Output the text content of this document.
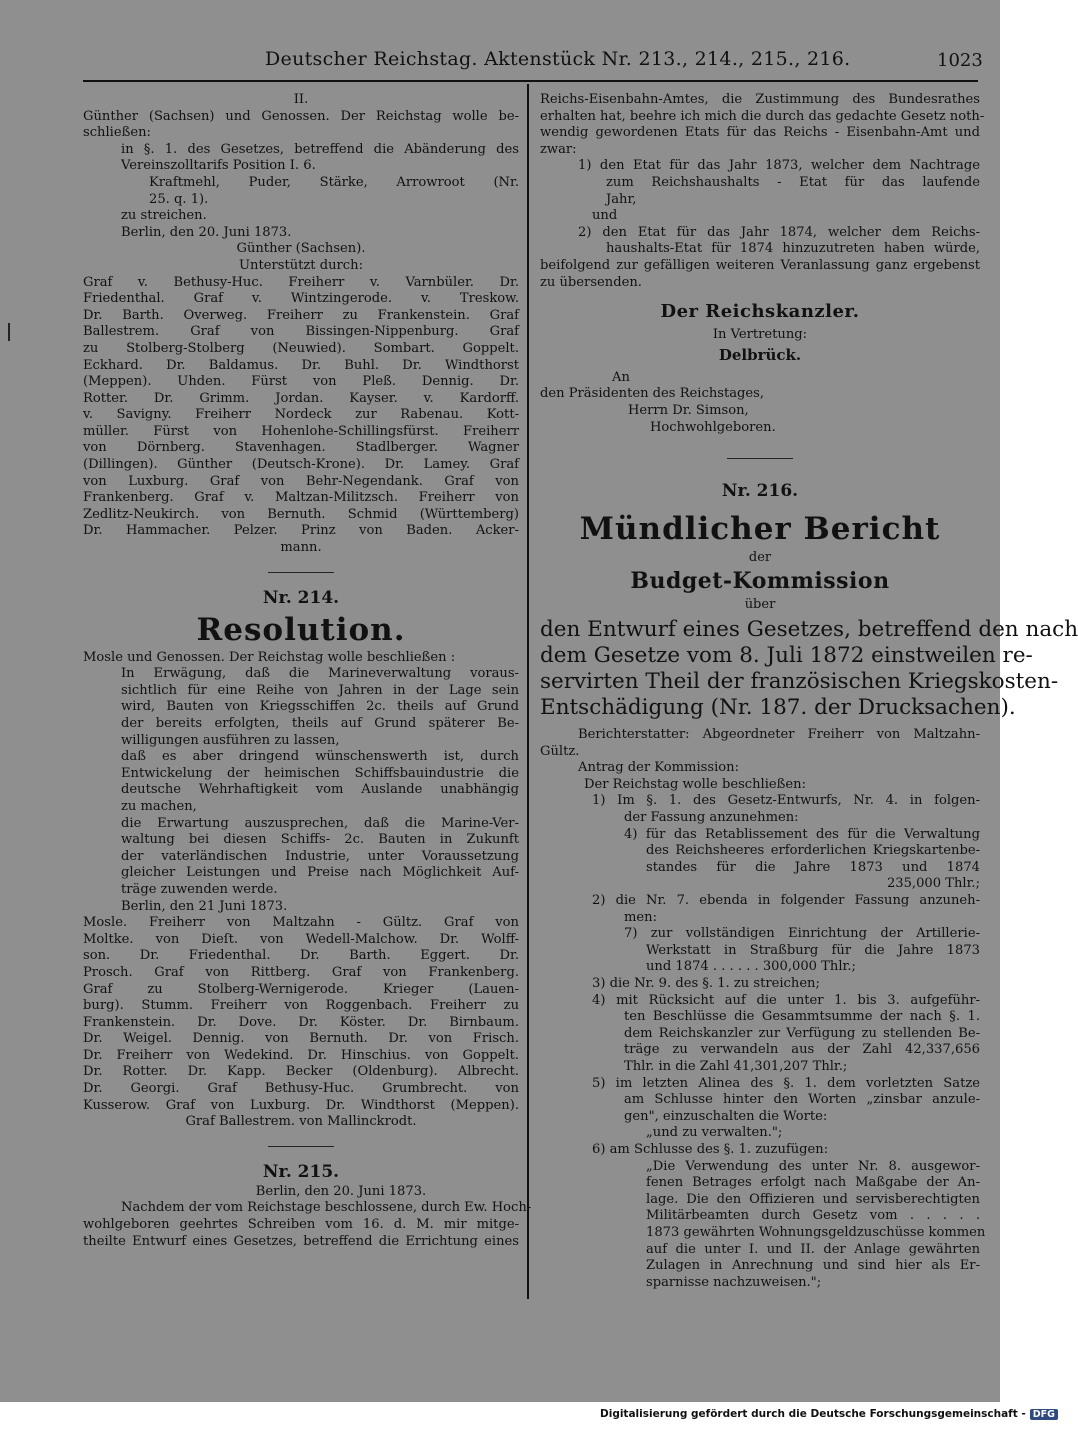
Deutscher Reichstag. Aktenstück Nr. 213., 214., 215., 216.	1023
II.
Günther (Sachsen) und Genossen. Der Reichstag wolle be-
schließen:
in §. 1. des Gesetzes, betreffend die Abänderung des
Vereinszolltarifs Position I. 6.
Kraftmehl, Puder, Stärke, Arrowroot (Nr.
25. q. 1).
zu streichen.
Berlin, den 20. Juni 1873.
Günther (Sachsen).
Unterstützt durch:
Graf v. Bethusy-Huc. Freiherr v. Varnbüler. Dr.
Friedenthal. Graf v. Wintzingerode. v. Treskow.
Dr. Barth. Overweg. Freiherr zu Frankenstein. Graf
Ballestrem. Graf von Bissingen-Nippenburg. Graf
zu Stolberg-Stolberg (Neuwied). Sombart. Goppelt.
Eckhard. Dr. Baldamus. Dr. Buhl. Dr. Windthorst
(Meppen). Uhden. Fürst von Pleß. Dennig. Dr.
Rotter. Dr. Grimm. Jordan. Kayser. v. Kardorff.
v. Savigny. Freiherr Nordeck zur Rabenau. Kott-
müller. Fürst von Hohenlohe-Schillingsfürst. Freiherr
von Dörnberg. Stavenhagen. Stadlberger. Wagner
(Dillingen). Günther (Deutsch-Krone). Dr. Lamey. Graf
von Luxburg. Graf von Behr-Negendank. Graf von
Frankenberg. Graf v. Maltzan-Militzsch. Freiherr von
Zedlitz-Neukirch. von Bernuth. Schmid (Württemberg)
Dr. Hammacher. Pelzer. Prinz von Baden. Acker-
mann.
Nr. 214.
Resolution.
Mosle und Genossen. Der Reichstag wolle beschließen :
In Erwägung, daß die Marineverwaltung voraus-
sichtlich für eine Reihe von Jahren in der Lage sein
wird, Bauten von Kriegsschiffen 2c. theils auf Grund
der bereits erfolgten, theils auf Grund späterer Be-
willigungen ausführen zu lassen,
daß es aber dringend wünschenswerth ist, durch
Entwickelung der heimischen Schiffsbauindustrie die
deutsche Wehrhaftigkeit vom Auslande unabhängig
zu machen,
die Erwartung auszusprechen, daß die Marine-Ver-
waltung bei diesen Schiffs- 2c. Bauten in Zukunft
der vaterländischen Industrie, unter Voraussetzung
gleicher Leistungen und Preise nach Möglichkeit Auf-
träge zuwenden werde.
Berlin, den 21 Juni 1873.
Mosle. Freiherr von Maltzahn - Gültz. Graf von
Moltke. von Dieſt. von Wedell-Malchow. Dr. Wolff-
son. Dr. Friedenthal. Dr. Barth. Eggert. Dr.
Prosch. Graf von Rittberg. Graf von Frankenberg.
Graf zu Stolberg-Wernigerode. Krieger (Lauen-
burg). Stumm. Freiherr von Roggenbach. Freiherr zu
Frankenstein. Dr. Dove. Dr. Köster. Dr. Birnbaum.
Dr. Weigel. Dennig. von Bernuth. Dr. von Frisch.
Dr. Freiherr von Wedekind. Dr. Hinschius. von Goppelt.
Dr. Rotter. Dr. Kapp. Becker (Oldenburg). Albrecht.
Dr. Georgi. Graf Bethusy-Huc. Grumbrecht. von
Kusserow. Graf von Luxburg. Dr. Windthorst (Meppen).
Graf Ballestrem. von Mallinckrodt.
Nr. 215.
Berlin, den 20. Juni 1873.
Nachdem der vom Reichstage beschlossene, durch Ew. Hoch-
wohlgeboren geehrtes Schreiben vom 16. d. M. mir mitge-
theilte Entwurf eines Gesetzes, betreffend die Errichtung eines
Reichs-Eisenbahn-Amtes, die Zustimmung des Bundesrathes
erhalten hat, beehre ich mich die durch das gedachte Gesetz noth-
wendig gewordenen Etats für das Reichs - Eisenbahn-Amt und
zwar:
1) den Etat für das Jahr 1873, welcher dem Nachtrage
zum Reichshaushalts - Etat für das laufende
Jahr,
und
2) den Etat für das Jahr 1874, welcher dem Reichs-
haushalts-Etat für 1874 hinzuzutreten haben würde,
beifolgend zur gefälligen weiteren Veranlassung ganz ergebenst
zu übersenden.
Der Reichskanzler.
In Vertretung:
Delbrück.
An
den Präsidenten des Reichstages,
Herrn Dr. Simson,
Hochwohlgeboren.
Nr. 216.
Mündlicher Bericht
der
Budget-Kommission
über
den Entwurf eines Gesetzes, betreffend den nach
dem Gesetze vom 8. Juli 1872 einstweilen re-
servirten Theil der französischen Kriegskosten-
Entschädigung (Nr. 187. der Drucksachen).
Berichterstatter: Abgeordneter Freiherr von Maltzahn-
Gültz.
Antrag der Kommission:
Der Reichstag wolle beschließen:
1) Im §. 1. des Gesetz-Entwurfs, Nr. 4. in folgen-
der Fassung anzunehmen:
4) für das Retablissement des für die Verwaltung
des Reichsheeres erforderlichen Kriegskartenbe-
standes für die Jahre 1873 und 1874
235,000 Thlr.;
2) die Nr. 7. ebenda in folgender Fassung anzuneh-
men:
7) zur vollständigen Einrichtung der Artillerie-
Werkstatt in Straßburg für die Jahre 1873
und 1874 . . . . . . 300,000 Thlr.;
3) die Nr. 9. des §. 1. zu streichen;
4) mit Rücksicht auf die unter 1. bis 3. aufgeführ-
ten Beschlüsse die Gesammtsumme der nach §. 1.
dem Reichskanzler zur Verfügung zu stellenden Be-
träge zu verwandeln aus der Zahl 42,337,656
Thlr. in die Zahl 41,301,207 Thlr.;
5) im letzten Alinea des §. 1. dem vorletzten Satze
am Schlusse hinter den Worten „zinsbar anzule-
gen", einzuschalten die Worte:
„und zu verwalten.";
6) am Schlusse des §. 1. zuzufügen:
„Die Verwendung des unter Nr. 8. ausgewor-
fenen Betrages erfolgt nach Maßgabe der An-
lage. Die den Offizieren und servisberechtigten
Militärbeamten durch Gesetz vom . . . . .
1873 gewährten Wohnungsgeldzuschüsse kommen
auf die unter I. und II. der Anlage gewährten
Zulagen in Anrechnung und sind hier als Er-
sparnisse nachzuweisen.";
Digitalisierung gefördert durch die Deutsche Forschungsgemeinschaft - DFG
